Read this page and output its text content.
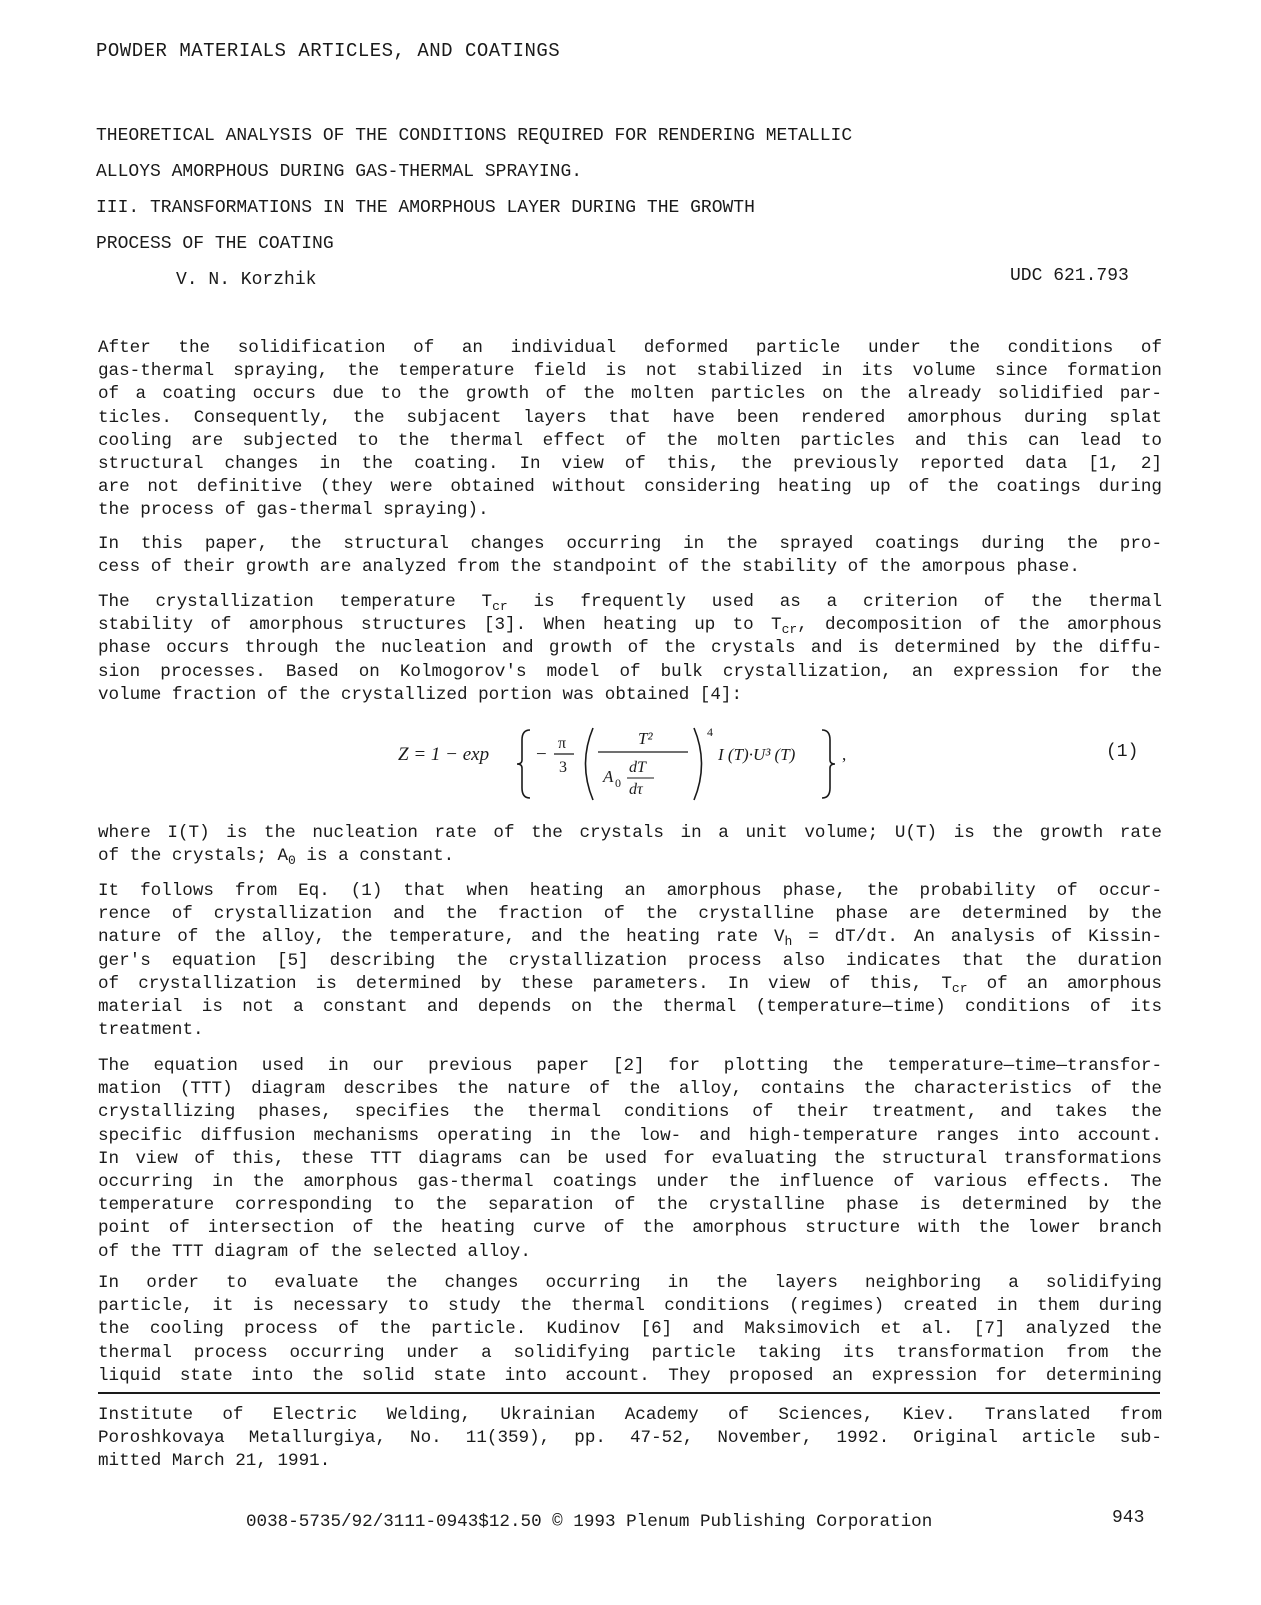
POWDER MATERIALS ARTICLES, AND COATINGS
THEORETICAL ANALYSIS OF THE CONDITIONS REQUIRED FOR RENDERING METALLIC
ALLOYS AMORPHOUS DURING GAS-THERMAL SPRAYING.
III. TRANSFORMATIONS IN THE AMORPHOUS LAYER DURING THE GROWTH
PROCESS OF THE COATING
V. N. Korzhik	UDC 621.793
After the solidification of an individual deformed particle under the conditions of
gas-thermal spraying, the temperature field is not stabilized in its volume since formation
of a coating occurs due to the growth of the molten particles on the already solidified par-
ticles. Consequently, the subjacent layers that have been rendered amorphous during splat
cooling are subjected to the thermal effect of the molten particles and this can lead to
structural changes in the coating. In view of this, the previously reported data [1, 2]
are not definitive (they were obtained without considering heating up of the coatings during
the process of gas-thermal spraying).
In this paper, the structural changes occurring in the sprayed coatings during the pro-
cess of their growth are analyzed from the standpoint of the stability of the amorpous phase.
The crystallization temperature $T_{cr}$ is frequently used as a criterion of the thermal
stability of amorphous structures [3]. When heating up to $T_{cr}$, decomposition of the amorphous
phase occurs through the nucleation and growth of the crystals and is determined by the diffu-
sion processes. Based on Kolmogorov's model of bulk crystallization, an expression for the
volume fraction of the crystallized portion was obtained [4]:
Z = 1 − exp −
π
3
T²
A 0
dT
dτ
4
I (T)·U³ (T)	,	(1)
where I(T) is the nucleation rate of the crystals in a unit volume; U(T) is the growth rate
of the crystals; $A_0$ is a constant.
It follows from Eq. (1) that when heating an amorphous phase, the probability of occur-
rence of crystallization and the fraction of the crystalline phase are determined by the
nature of the alloy, the temperature, and the heating rate $V_h = dT/d\tau$. An analysis of Kissin-
ger's equation [5] describing the crystallization process also indicates that the duration
of crystallization is determined by these parameters. In view of this, $T_{cr}$ of an amorphous
material is not a constant and depends on the thermal (temperature—time) conditions of its
treatment.
The equation used in our previous paper [2] for plotting the temperature—time—transfor-
mation (TTT) diagram describes the nature of the alloy, contains the characteristics of the
crystallizing phases, specifies the thermal conditions of their treatment, and takes the
specific diffusion mechanisms operating in the low- and high-temperature ranges into account.
In view of this, these TTT diagrams can be used for evaluating the structural transformations
occurring in the amorphous gas-thermal coatings under the influence of various effects. The
temperature corresponding to the separation of the crystalline phase is determined by the
point of intersection of the heating curve of the amorphous structure with the lower branch
of the TTT diagram of the selected alloy.
In order to evaluate the changes occurring in the layers neighboring a solidifying
particle, it is necessary to study the thermal conditions (regimes) created in them during
the cooling process of the particle. Kudinov [6] and Maksimovich et al. [7] analyzed the
thermal process occurring under a solidifying particle taking its transformation from the
liquid state into the solid state into account. They proposed an expression for determining
Institute of Electric Welding, Ukrainian Academy of Sciences, Kiev. Translated from
Poroshkovaya Metallurgiya, No. 11(359), pp. 47-52, November, 1992. Original article sub-
mitted March 21, 1991.
0038-5735/92/3111-0943$12.50 © 1993 Plenum Publishing Corporation	943
